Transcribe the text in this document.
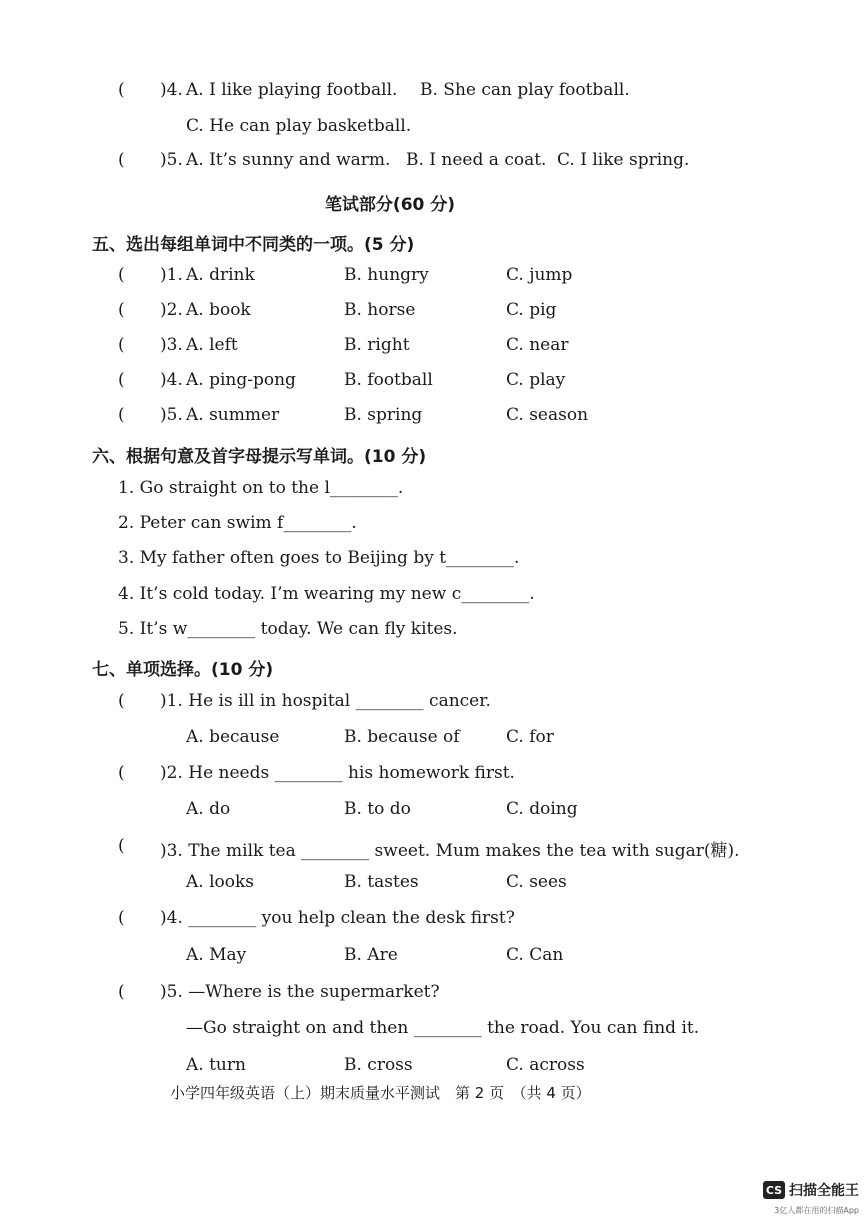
( )4. A. I like playing football. B. She can play football.
C. He can play basketball.
( )5. A. It’s sunny and warm. B. I need a coat. C. I like spring.
笔试部分(60 分)
五、选出每组单词中不同类的一项。(5 分)
( )1. A. drink	B. hungry	C. jump
( )2. A. book	B. horse	C. pig
( )3. A. left	B. right	C. near
( )4. A. ping-pong	B. football	C. play
( )5. A. summer	B. spring	C. season
六、根据句意及首字母提示写单词。(10 分)
1. Go straight on to the l________.
2. Peter can swim f________.
3. My father often goes to Beijing by t________.
4. It’s cold today. I’m wearing my new c________.
5. It’s w________ today. We can fly kites.
七、单项选择。(10 分)
( )1. He is ill in hospital ________ cancer.
A. because	B. because of	C. for
( )2. He needs ________ his homework first.
A. do	B. to do	C. doing
( )3. The milk tea ________ sweet. Mum makes the tea with sugar(糖).
A. looks	B. tastes	C. sees
( )4. ________ you help clean the desk first?
A. May	B. Are	C. Can
( )5. —Where is the supermarket?
—Go straight on and then ________ the road. You can find it.
A. turn	B. cross	C. across
小学四年级英语（上）期末质量水平测试　第 2 页　（共 4 页）
CS 扫描全能王
3亿人都在用的扫描App
